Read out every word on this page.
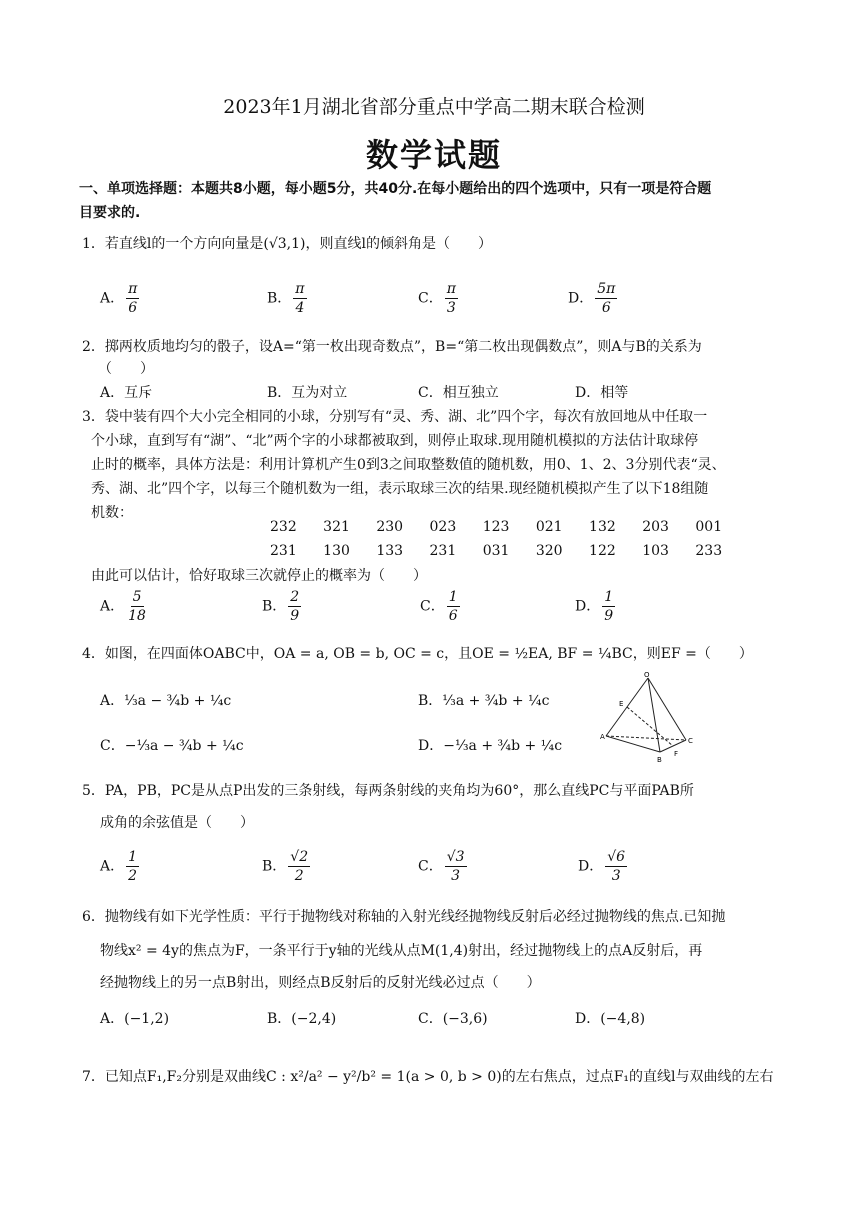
2023年1月湖北省部分重点中学高二期末联合检测
数学试题
一、单项选择题：本题共8小题，每小题5分，共40分.在每小题给出的四个选项中，只有一项是符合题
目要求的.
1．若直线l的一个方向向量是(√3,1)，则直线l的倾斜角是（　　）
A． $\frac{\pi}{6}$	B． $\frac{\pi}{4}$	C． $\frac{\pi}{3}$	D． $\frac{5\pi}{6}$
2．掷两枚质地均匀的骰子，设A=“第一枚出现奇数点”，B=“第二枚出现偶数点”，则A与B的关系为
（　　）
A．互斥	B．互为对立	C．相互独立	D．相等
3．袋中装有四个大小完全相同的小球，分别写有“灵、秀、湖、北”四个字，每次有放回地从中任取一
个小球，直到写有“湖”、“北”两个字的小球都被取到，则停止取球.现用随机模拟的方法估计取球停
止时的概率，具体方法是：利用计算机产生0到3之间取整数值的随机数，用0、1、2、3分别代表“灵、
秀、湖、北”四个字，以每三个随机数为一组，表示取球三次的结果.现经随机模拟产生了以下18组随
机数：
232 321 230 023 123 021 132 203 001
231 130 133 231 031 320 122 103 233
由此可以估计，恰好取球三次就停止的概率为（　　）
A． $\frac{5}{18}$	B． $\frac{2}{9}$	C． $\frac{1}{6}$	D． $\frac{1}{9}$
4．如图，在四面体OABC中，OA = a, OB = b, OC = c，且OE = ½EA, BF = ¼BC，则EF =（　　）
A．⅓a − ¾b + ¼c	B．⅓a + ¾b + ¼c
C．−⅓a − ¾b + ¼c	D．−⅓a + ¾b + ¼c
O
E
A
B
F
C
5．PA，PB，PC是从点P出发的三条射线，每两条射线的夹角均为60°，那么直线PC与平面PAB所
成角的余弦值是（　　）
A． $\frac{1}{2}$	B． $\frac{√2}{2}$	C． $\frac{√3}{3}$	D． $\frac{√6}{3}$
6．抛物线有如下光学性质：平行于抛物线对称轴的入射光线经抛物线反射后必经过抛物线的焦点.已知抛
物线x² = 4y的焦点为F，一条平行于y轴的光线从点M(1,4)射出，经过抛物线上的点A反射后，再
经抛物线上的另一点B射出，则经点B反射后的反射光线必过点（　　）
A．(−1,2)	B．(−2,4)	C．(−3,6)	D．(−4,8)
7．已知点F₁,F₂分别是双曲线C : x²/a² − y²/b² = 1(a > 0, b > 0)的左右焦点，过点F₁的直线l与双曲线的左右
